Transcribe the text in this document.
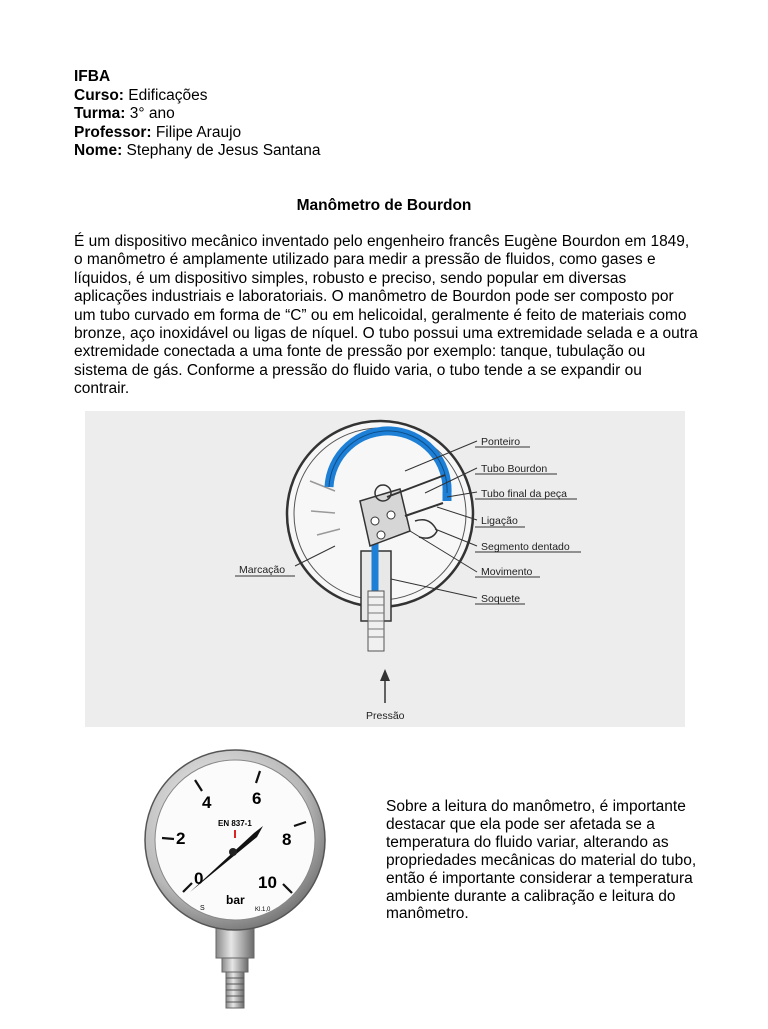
IFBA
Curso: Edificações
Turma: 3° ano
Professor: Filipe Araujo
Nome: Stephany de Jesus Santana
Manômetro de Bourdon
É um dispositivo mecânico inventado pelo engenheiro francês Eugène Bourdon em 1849, o manômetro é amplamente utilizado para medir a pressão de fluidos, como gases e líquidos, é um dispositivo simples, robusto e preciso, sendo popular em diversas aplicações industriais e laboratoriais. O manômetro de Bourdon pode ser composto por um tubo curvado em forma de “C” ou em helicoidal, geralmente é feito de materiais como bronze, aço inoxidável ou ligas de níquel. O tubo possui uma extremidade selada e a outra extremidade conectada a uma fonte de pressão por exemplo: tanque, tubulação ou sistema de gás. Conforme a pressão do fluido varia, o tubo tende a se expandir ou contrair.
Ponteiro
Tubo Bourdon
Tubo final da peça
Ligação
Segmento dentado
Movimento
Soquete
Marcação
Pressão
0
2
4 6
8
10
EN 837-1
bar
S	Kl.1,0
Sobre a leitura do manômetro, é importante destacar que ela pode ser afetada se a temperatura do fluido variar, alterando as propriedades mecânicas do material do tubo, então é importante considerar a temperatura ambiente durante a calibração e leitura do manômetro.
